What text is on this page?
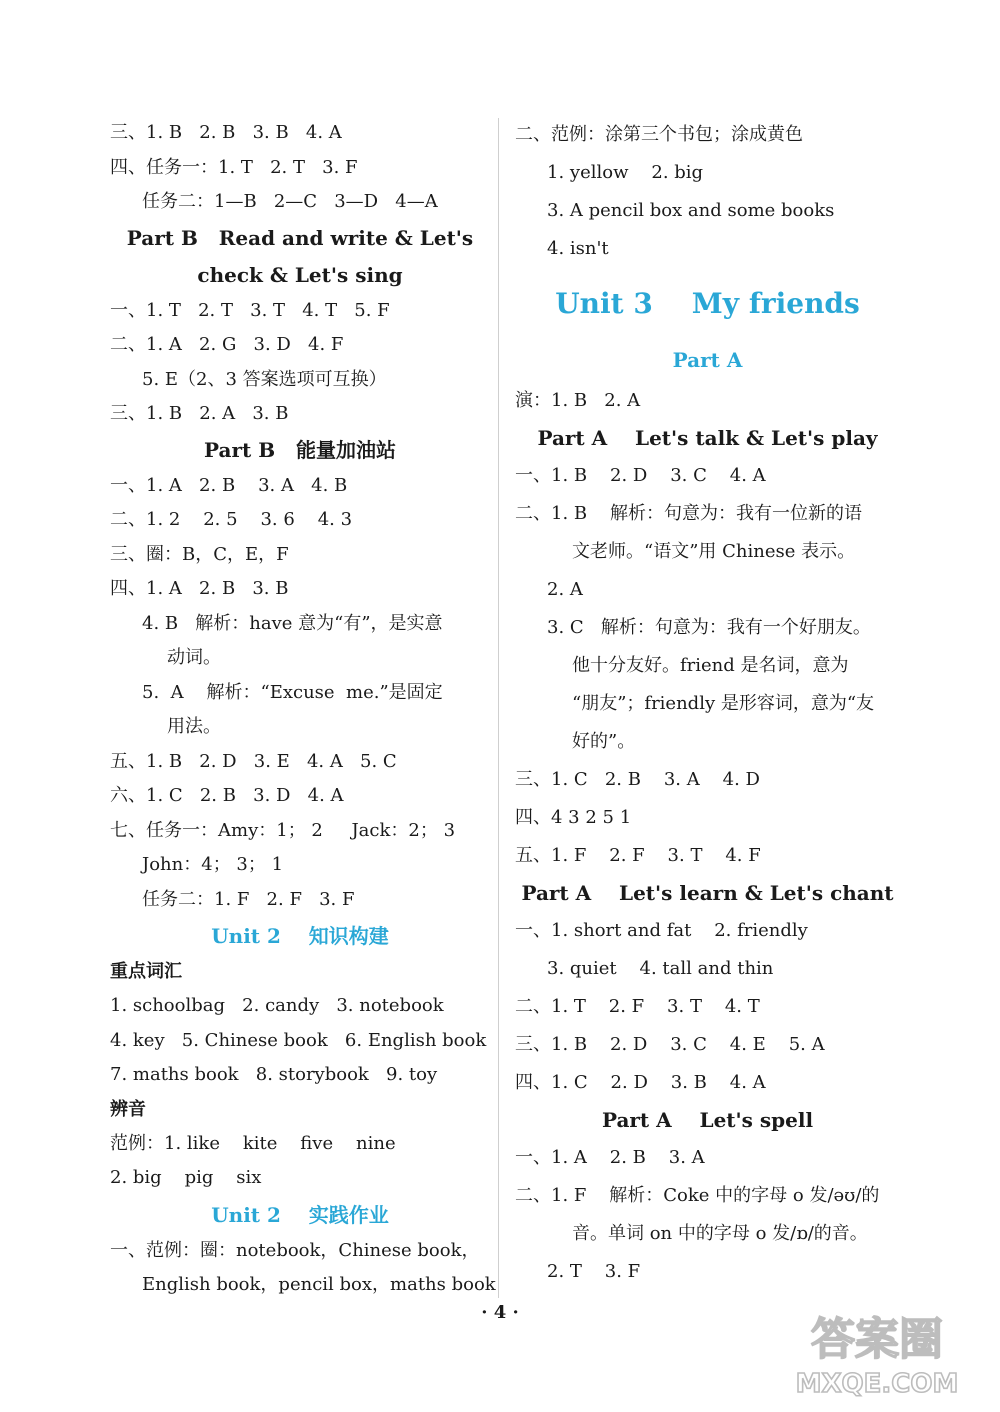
三、1. B   2. B   3. B   4. A
四、任务一：1. T   2. T   3. F
任务二：1—B   2—C   3—D   4—A
Part B   Read and write & Let's
check & Let's sing
一、1. T   2. T   3. T   4. T   5. F
二、1. A   2. G   3. D   4. F
5. E（2、3 答案选项可互换）
三、1. B   2. A   3. B
Part B   能量加油站
一、1. A   2. B    3. A   4. B
二、1. 2    2. 5    3. 6    4. 3
三、圈：B，C，E，F
四、1. A   2. B   3. B
4. B   解析：have 意为“有”，是实意
动词。
5.  A    解析：“Excuse  me.”是固定
用法。
五、1. B   2. D   3. E   4. A   5. C
六、1. C   2. B   3. D   4. A
七、任务一：Amy：1； 2     Jack：2； 3
John：4； 3； 1
任务二：1. F   2. F   3. F
Unit 2    知识构建
重点词汇
1. schoolbag   2. candy   3. notebook
4. key   5. Chinese book   6. English book
7. maths book   8. storybook   9. toy
辨音
范例：1. like    kite    five    nine
2. big    pig    six
Unit 2    实践作业
一、范例：圈：notebook，Chinese book，
English book，pencil box，maths book
二、范例：涂第三个书包；涂成黄色
1. yellow    2. big
3. A pencil box and some books
4. isn't
Unit 3    My friends
Part A
演：1. B   2. A
Part A    Let's talk & Let's play
一、1. B    2. D    3. C    4. A
二、1. B    解析：句意为：我有一位新的语
文老师。“语文”用 Chinese 表示。
2. A
3. C   解析：句意为：我有一个好朋友。
他十分友好。friend 是名词，意为
“朋友”；friendly 是形容词，意为“友
好的”。
三、1. C   2. B    3. A    4. D
四、4 3 2 5 1
五、1. F    2. F    3. T    4. F
Part A    Let's learn & Let's chant
一、1. short and fat    2. friendly
3. quiet    4. tall and thin
二、1. T    2. F    3. T    4. T
三、1. B    2. D    3. C    4. E    5. A
四、1. C    2. D    3. B    4. A
Part A    Let's spell
一、1. A    2. B    3. A
二、1. F    解析：Coke 中的字母 o 发/əʊ/的
音。单词 on 中的字母 o 发/ɒ/的音。
2. T    3. F
· 4 ·
答案圈
MXQE.COM
